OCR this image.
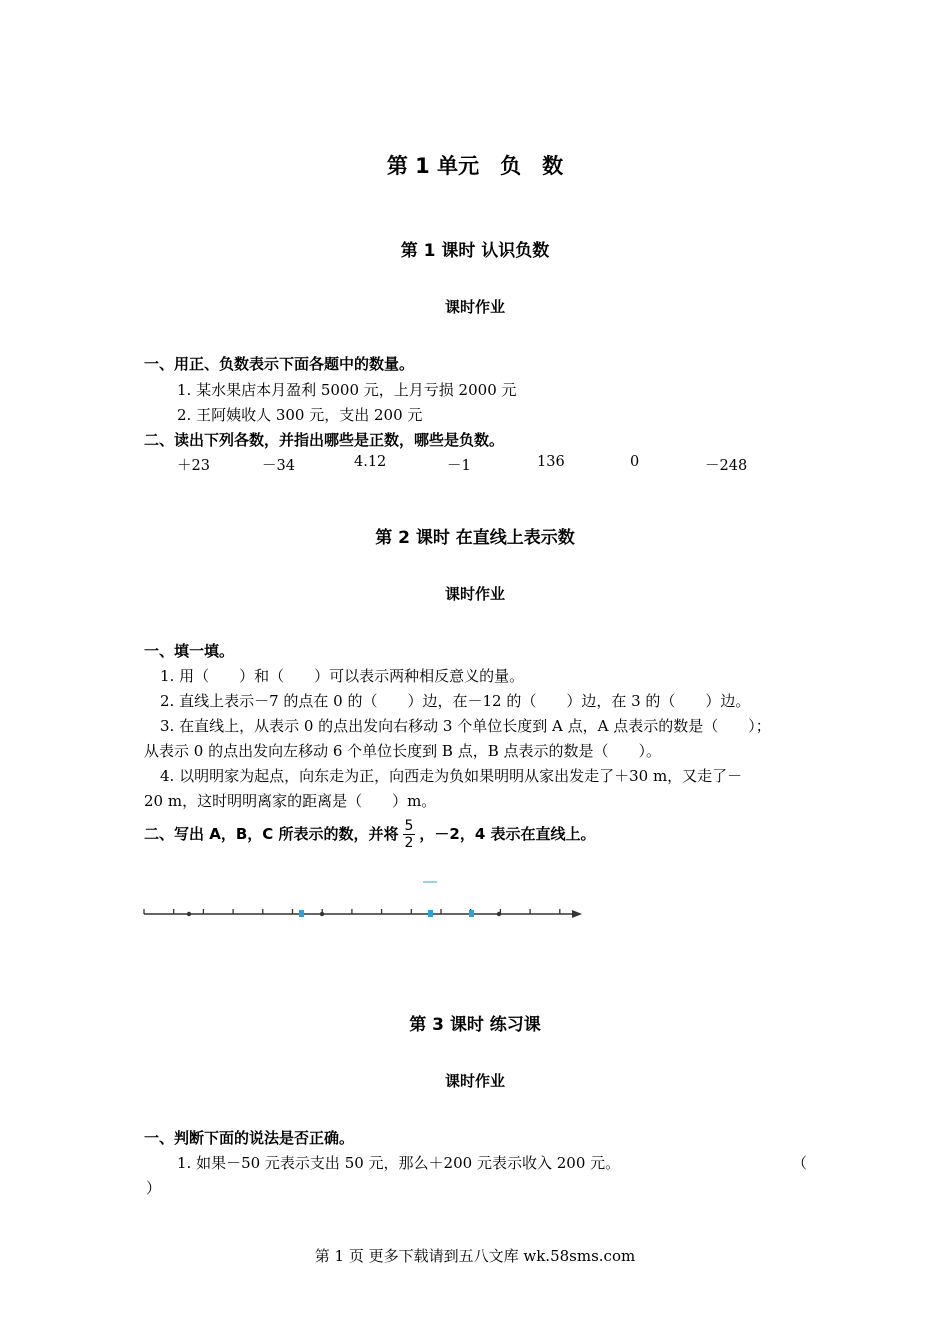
第 1 单元　负　数
第 1 课时 认识负数
课时作业
一、用正、负数表示下面各题中的数量。
1. 某水果店本月盈利 5000 元，上月亏损 2000 元
2. 王阿姨收人 300 元，支出 200 元
二、读出下列各数，并指出哪些是正数，哪些是负数。
＋23	－34	4.12	－1	136	0	－248
第 2 课时 在直线上表示数
课时作业
一、填一填。
1. 用（　　）和（　　）可以表示两种相反意义的量。
2. 直线上表示－7 的点在 0 的（　　）边，在－12 的（　　）边，在 3 的（　　）边。
3. 在直线上，从表示 0 的点出发向右移动 3 个单位长度到 A 点，A 点表示的数是（　　）；
从表示 0 的点出发向左移动 6 个单位长度到 B 点，B 点表示的数是（　　）。
4. 以明明家为起点，向东走为正，向西走为负如果明明从家出发走了＋30 m，又走了－
20 m，这时明明离家的距离是（　　）m。
二、写出 A，B，C 所表示的数，并将 $\frac{5}{2}$ ，－2，4 表示在直线上。
第 3 课时 练习课
课时作业
一、判断下面的说法是否正确。
1. 如果－50 元表示支出 50 元，那么＋200 元表示收入 200 元。	（
）
第 1 页 更多下载请到五八文库 wk.58sms.com
